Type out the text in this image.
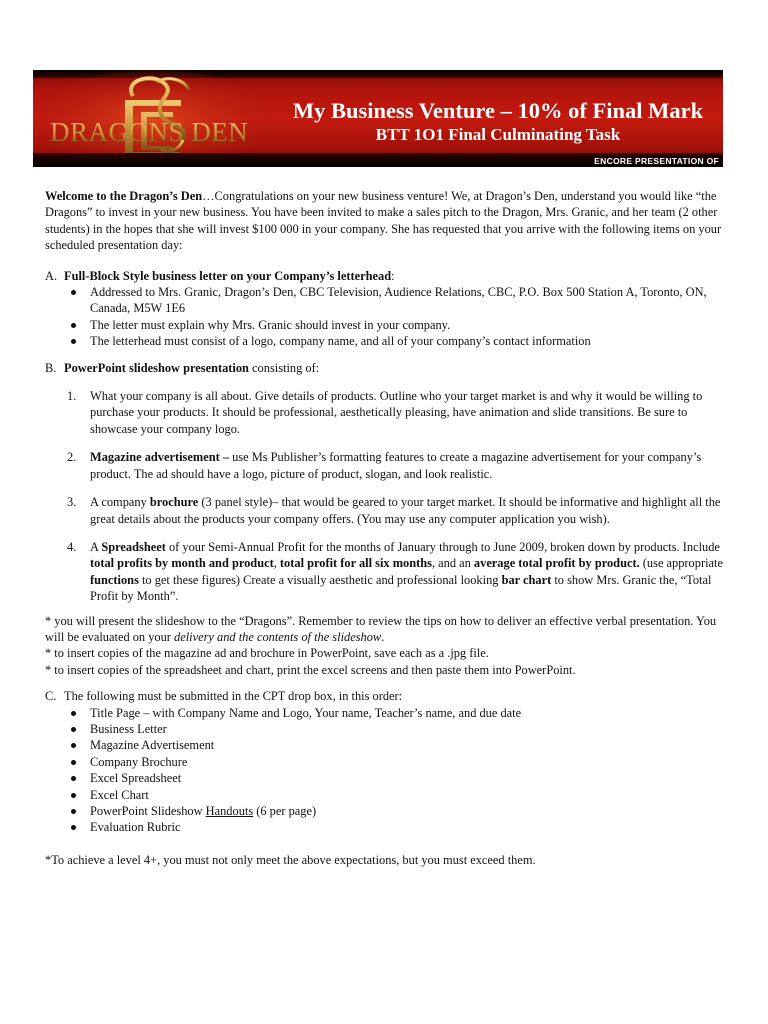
DRAGONS DEN
My Business Venture – 10% of Final Mark
BTT 1O1 Final Culminating Task
ENCORE PRESENTATION OF

Welcome to the Dragon’s Den…Congratulations on your new business venture! We, at Dragon’s Den, understand you would like “the Dragons” to invest in your new business. You have been invited to make a sales pitch to the Dragon, Mrs. Granic, and her team (2 other students) in the hopes that she will invest $100 000 in your company. She has requested that you arrive with the following items on your scheduled presentation day:

A. Full-Block Style business letter on your Company’s letterhead:

Addressed to Mrs. Granic, Dragon’s Den, CBC Television, Audience Relations, CBC, P.O. Box 500 Station A, Toronto, ON, Canada, M5W 1E6
The letter must explain why Mrs. Granic should invest in your company.
The letterhead must consist of a logo, company name, and all of your company’s contact information

B. PowerPoint slideshow presentation consisting of:

1. What your company is all about. Give details of products. Outline who your target market is and why it would be willing to purchase your products. It should be professional, aesthetically pleasing, have animation and slide transitions. Be sure to showcase your company logo.
2. Magazine advertisement – use Ms Publisher’s formatting features to create a magazine advertisement for your company’s product. The ad should have a logo, picture of product, slogan, and look realistic.
3. A company brochure (3 panel style)– that would be geared to your target market. It should be informative and highlight all the great details about the products your company offers. (You may use any computer application you wish).
4. A Spreadsheet of your Semi-Annual Profit for the months of January through to June 2009, broken down by products. Include total profits by month and product, total profit for all six months, and an average total profit by product. (use appropriate functions to get these figures) Create a visually aesthetic and professional looking bar chart to show Mrs. Granic the, “Total Profit by Month”.

* you will present the slideshow to the “Dragons”. Remember to review the tips on how to deliver an effective verbal presentation. You will be evaluated on your delivery and the contents of the slideshow.

* to insert copies of the magazine ad and brochure in PowerPoint, save each as a .jpg file.

* to insert copies of the spreadsheet and chart, print the excel screens and then paste them into PowerPoint.

C. The following must be submitted in the CPT drop box, in this order:

Title Page – with Company Name and Logo, Your name, Teacher’s name, and due date
Business Letter
Magazine Advertisement
Company Brochure
Excel Spreadsheet
Excel Chart
PowerPoint Slideshow Handouts (6 per page)
Evaluation Rubric

*To achieve a level 4+, you must not only meet the above expectations, but you must exceed them.
